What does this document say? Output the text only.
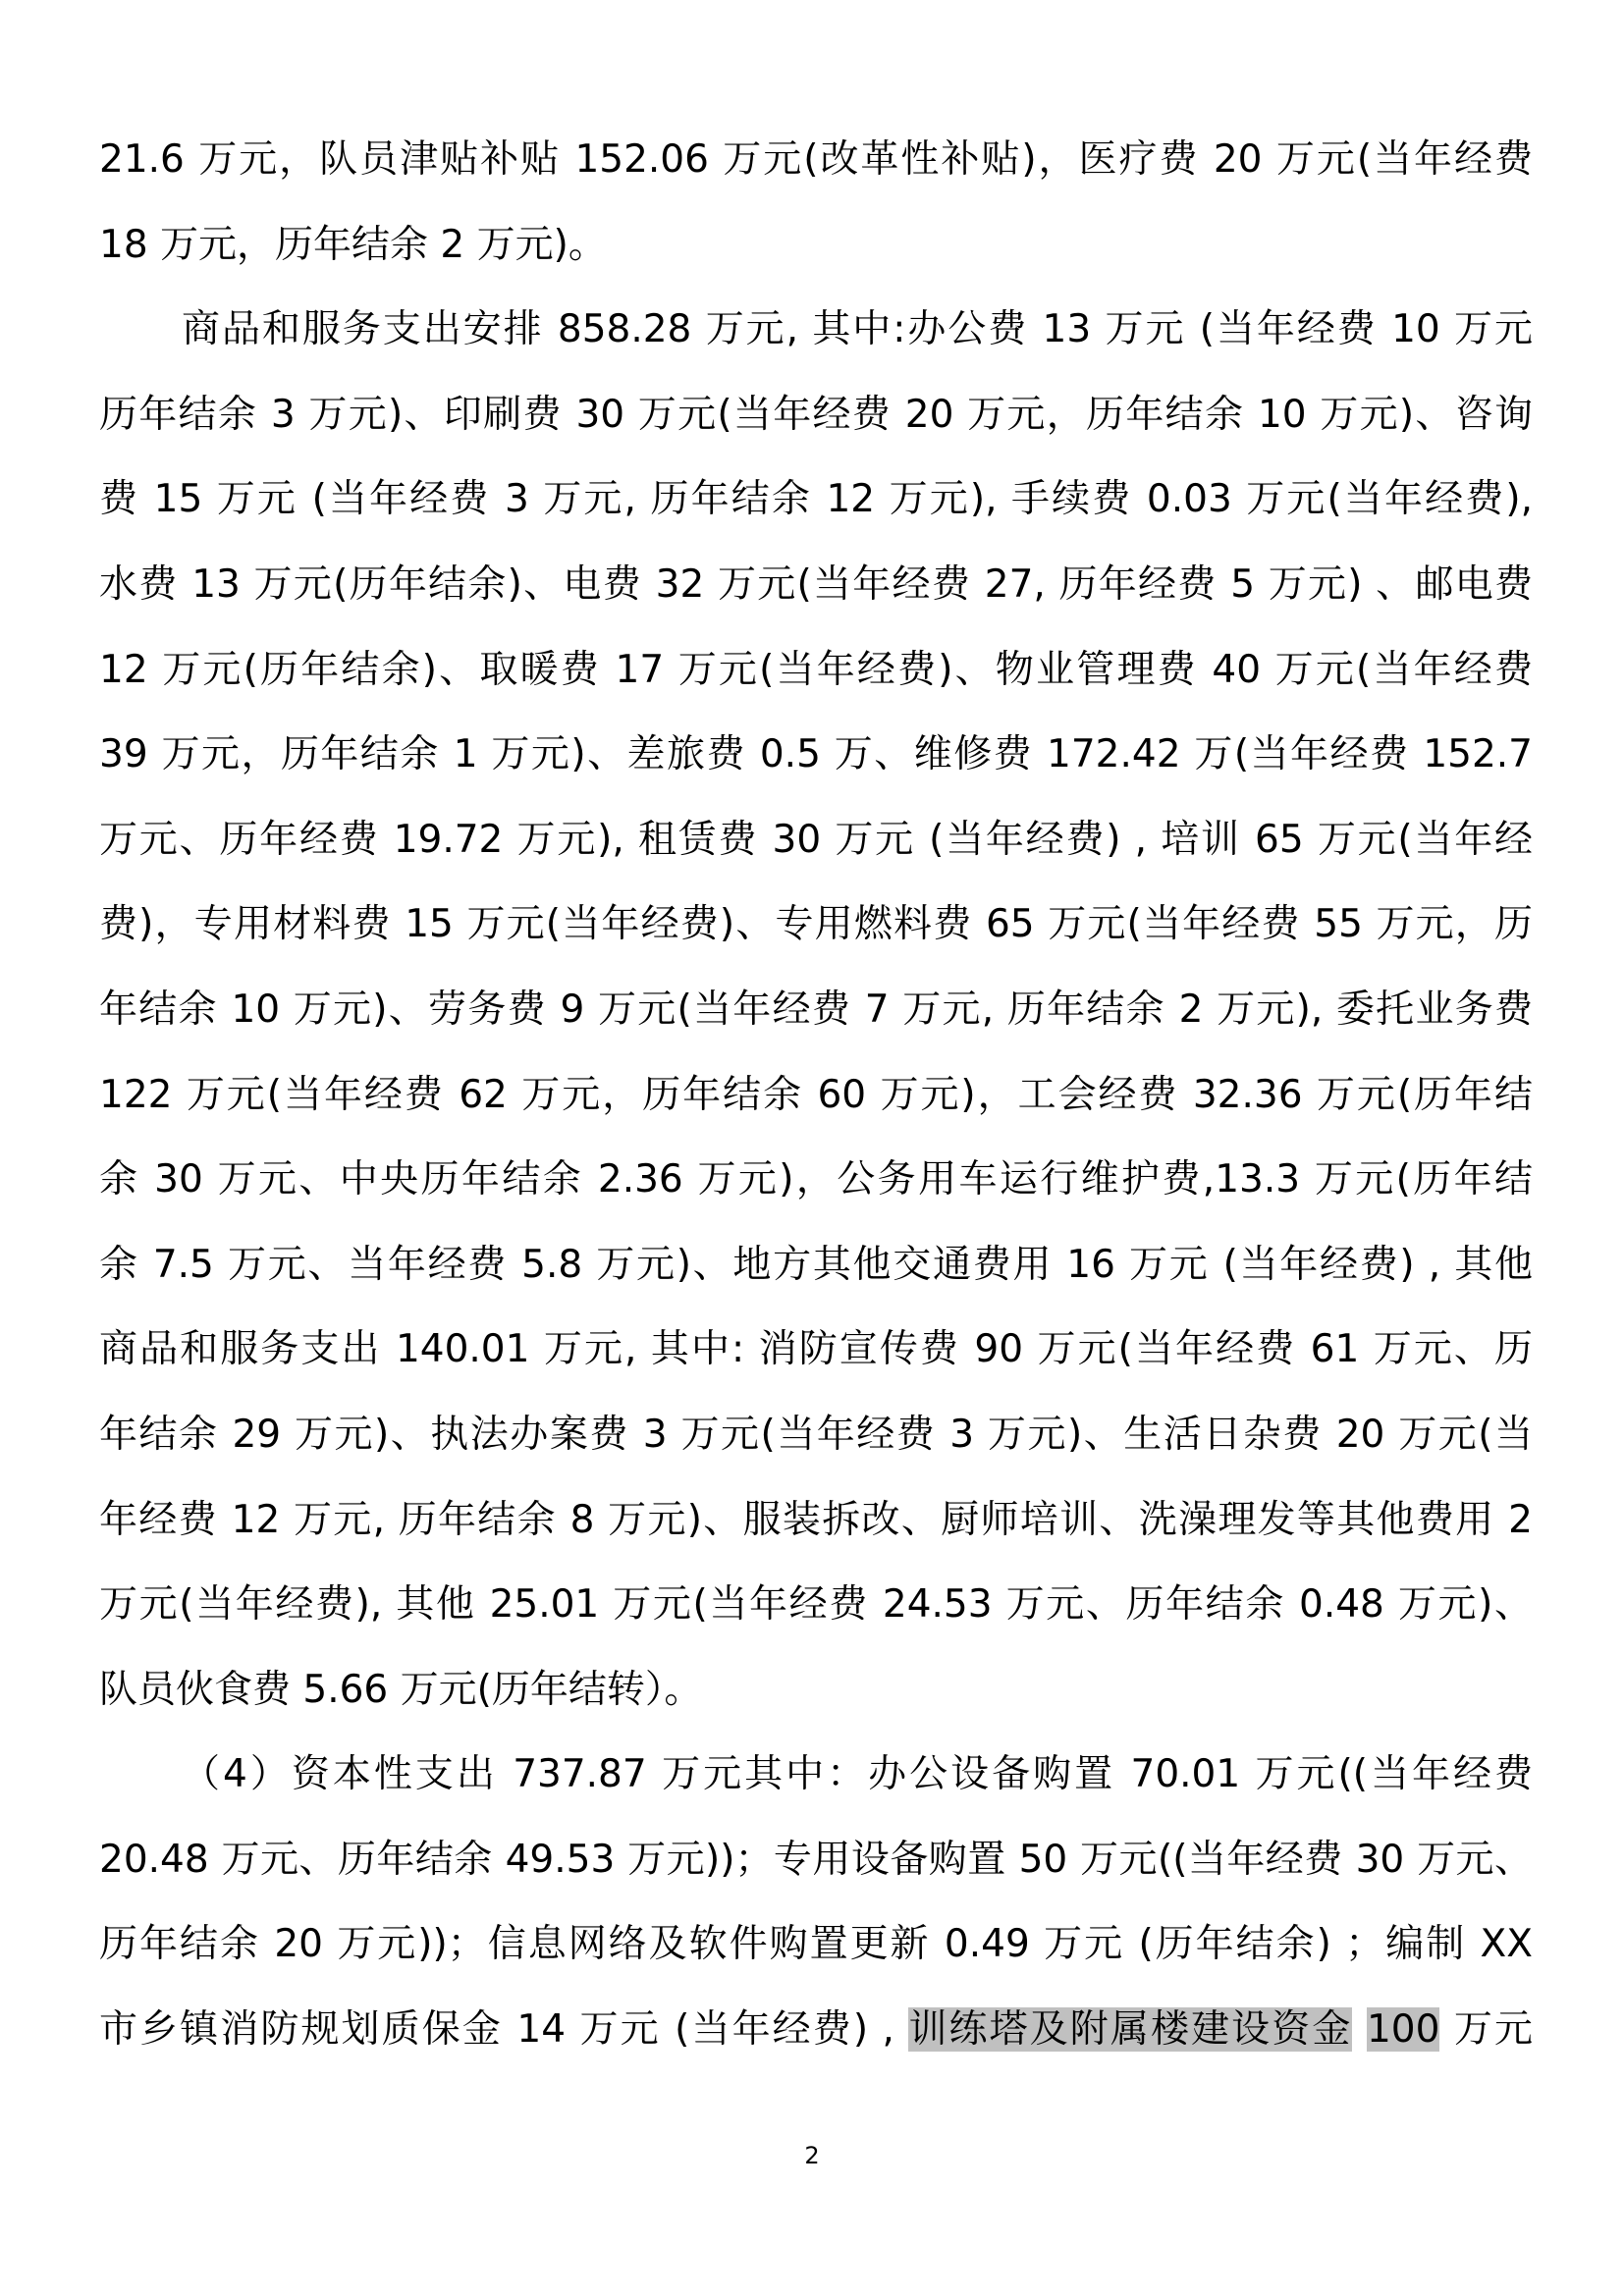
21.6 万元，队员津贴补贴 152.06 万元(改革性补贴)，医疗费 20 万元(当年经费
18 万元，历年结余 2 万元)。
商品和服务支出安排 858.28 万元, 其中:办公费 13 万元 (当年经费 10 万元
历年结余 3 万元)、印刷费 30 万元(当年经费 20 万元，历年结余 10 万元)、咨询
费 15 万元 (当年经费 3 万元, 历年结余 12 万元), 手续费 0.03 万元(当年经费),
水费 13 万元(历年结余)、电费 32 万元(当年经费 27, 历年经费 5 万元) 、邮电费
12 万元(历年结余)、取暖费 17 万元(当年经费)、物业管理费 40 万元(当年经费
39 万元，历年结余 1 万元)、差旅费 0.5 万、维修费 172.42 万(当年经费 152.7
万元、历年经费 19.72 万元), 租赁费 30 万元 (当年经费) , 培训 65 万元(当年经
费)，专用材料费 15 万元(当年经费)、专用燃料费 65 万元(当年经费 55 万元，历
年结余 10 万元)、劳务费 9 万元(当年经费 7 万元, 历年结余 2 万元), 委托业务费
122 万元(当年经费 62 万元，历年结余 60 万元)，工会经费 32.36 万元(历年结
余 30 万元、中央历年结余 2.36 万元)，公务用车运行维护费,13.3 万元(历年结
余 7.5 万元、当年经费 5.8 万元)、地方其他交通费用 16 万元 (当年经费) , 其他
商品和服务支出 140.01 万元, 其中: 消防宣传费 90 万元(当年经费 61 万元、历
年结余 29 万元)、执法办案费 3 万元(当年经费 3 万元)、生活日杂费 20 万元(当
年经费 12 万元, 历年结余 8 万元)、服装拆改、厨师培训、洗澡理发等其他费用 2
万元(当年经费), 其他 25.01 万元(当年经费 24.53 万元、历年结余 0.48 万元)、
队员伙食费 5.66 万元(历年结转）。
（4）资本性支出 737.87 万元其中：办公设备购置 70.01 万元((当年经费
20.48 万元、历年结余 49.53 万元))；专用设备购置 50 万元((当年经费 30 万元、
历年结余 20 万元))；信息网络及软件购置更新 0.49 万元 (历年结余) ；编制 XX
市乡镇消防规划质保金 14 万元 (当年经费) , 训练塔及附属楼建设资金 100 万元
2
